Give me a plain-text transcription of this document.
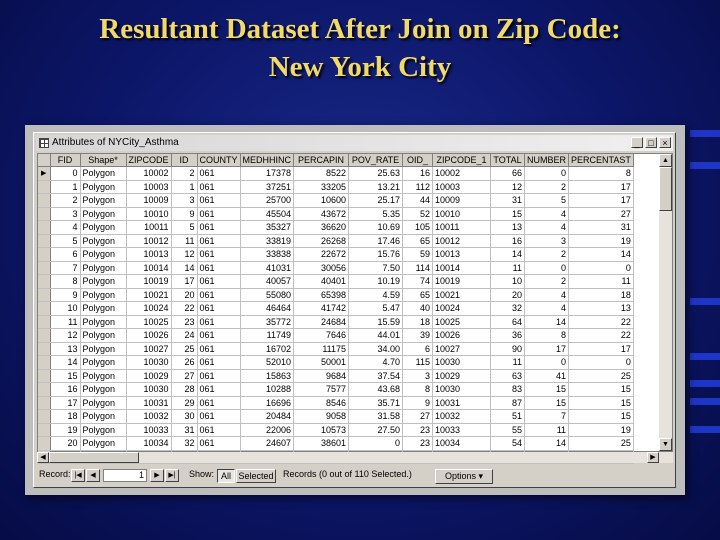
Resultant Dataset After Join on Zip Code:
New York City
Attributes of NYCity_Asthma	_ □ ×
	FID	Shape*	ZIPCODE	ID	COUNTY	MEDHHINC	PERCAPIN	POV_RATE	OID_	ZIPCODE_1	TOTAL	NUMBER	PERCENTAST
▶	0	Polygon	10002	2	061	17378	8522	25.63	16	10002	66	0	8
	1	Polygon	10003	1	061	37251	33205	13.21	112	10003	12	2	17
	2	Polygon	10009	3	061	25700	10600	25.17	44	10009	31	5	17
	3	Polygon	10010	9	061	45504	43672	5.35	52	10010	15	4	27
	4	Polygon	10011	5	061	35327	36620	10.69	105	10011	13	4	31
	5	Polygon	10012	11	061	33819	26268	17.46	65	10012	16	3	19
	6	Polygon	10013	12	061	33838	22672	15.76	59	10013	14	2	14
	7	Polygon	10014	14	061	41031	30056	7.50	114	10014	11	0	0
	8	Polygon	10019	17	061	40057	40401	10.19	74	10019	10	2	11
	9	Polygon	10021	20	061	55080	65398	4.59	65	10021	20	4	18
	10	Polygon	10024	22	061	46464	41742	5.47	40	10024	32	4	13
	11	Polygon	10025	23	061	35772	24684	15.59	18	10025	64	14	22
	12	Polygon	10026	24	061	11749	7646	44.01	39	10026	36	8	22
	13	Polygon	10027	25	061	16702	11175	34.00	6	10027	90	17	17
	14	Polygon	10030	26	061	52010	50001	4.70	115	10030	11	0	0
	15	Polygon	10029	27	061	15863	9684	37.54	3	10029	63	41	25
	16	Polygon	10030	28	061	10288	7577	43.68	8	10030	83	15	15
	17	Polygon	10031	29	061	16696	8546	35.71	9	10031	87	15	15
	18	Polygon	10032	30	061	20484	9058	31.58	27	10032	51	7	15
	19	Polygon	10033	31	061	22006	10573	27.50	23	10033	55	11	19
	20	Polygon	10034	32	061	24607	38601	0	23	10034	54	14	25

▲
▼
◀	▶
Record: |◀	◀	1	▶	▶|	Show: All Selected Records (0 out of 110 Selected.)	Options ▾
